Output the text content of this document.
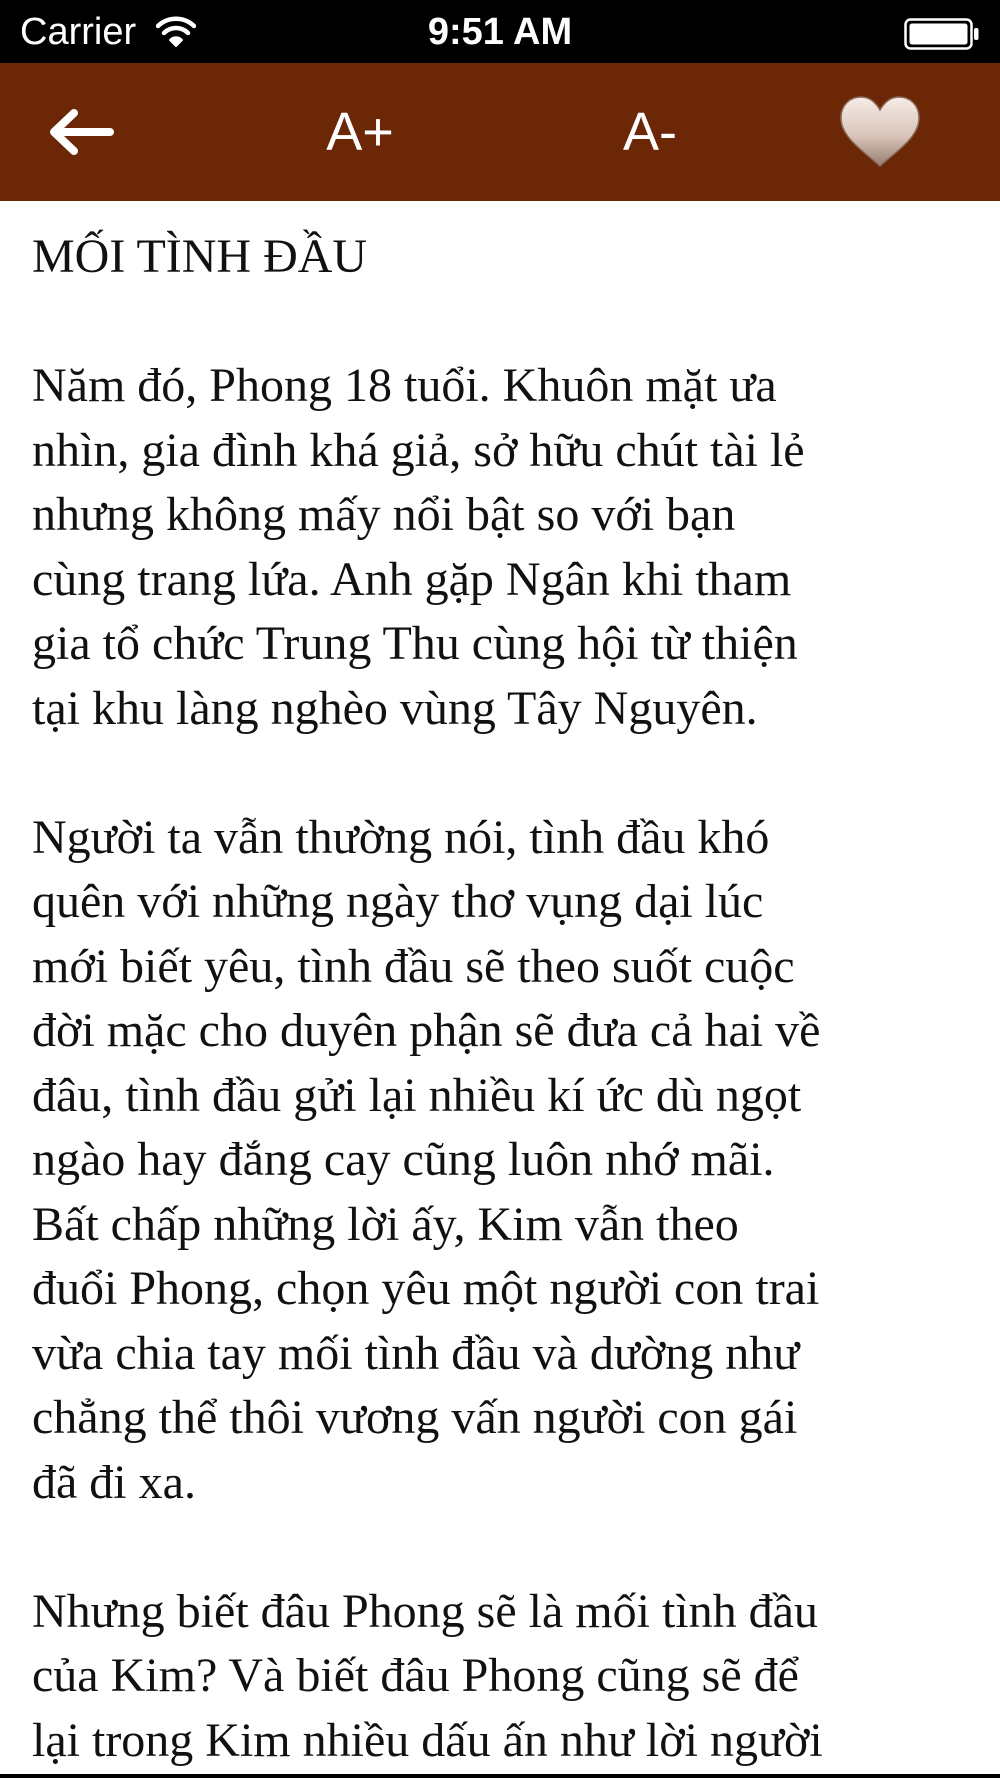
Carrier	9:51 AM
A+	A-

MỐI TÌNH ĐẦU

Năm đó, Phong 18 tuổi. Khuôn mặt ưa
nhìn, gia đình khá giả, sở hữu chút tài lẻ
nhưng không mấy nổi bật so với bạn
cùng trang lứa. Anh gặp Ngân khi tham
gia tổ chức Trung Thu cùng hội từ thiện
tại khu làng nghèo vùng Tây Nguyên.

Người ta vẫn thường nói, tình đầu khó
quên với những ngày thơ vụng dại lúc
mới biết yêu, tình đầu sẽ theo suốt cuộc
đời mặc cho duyên phận sẽ đưa cả hai về
đâu, tình đầu gửi lại nhiều kí ức dù ngọt
ngào hay đắng cay cũng luôn nhớ mãi.
Bất chấp những lời ấy, Kim vẫn theo
đuổi Phong, chọn yêu một người con trai
vừa chia tay mối tình đầu và dường như
chẳng thể thôi vương vấn người con gái
đã đi xa.

Nhưng biết đâu Phong sẽ là mối tình đầu
của Kim? Và biết đâu Phong cũng sẽ để
lại trong Kim nhiều dấu ấn như lời người
